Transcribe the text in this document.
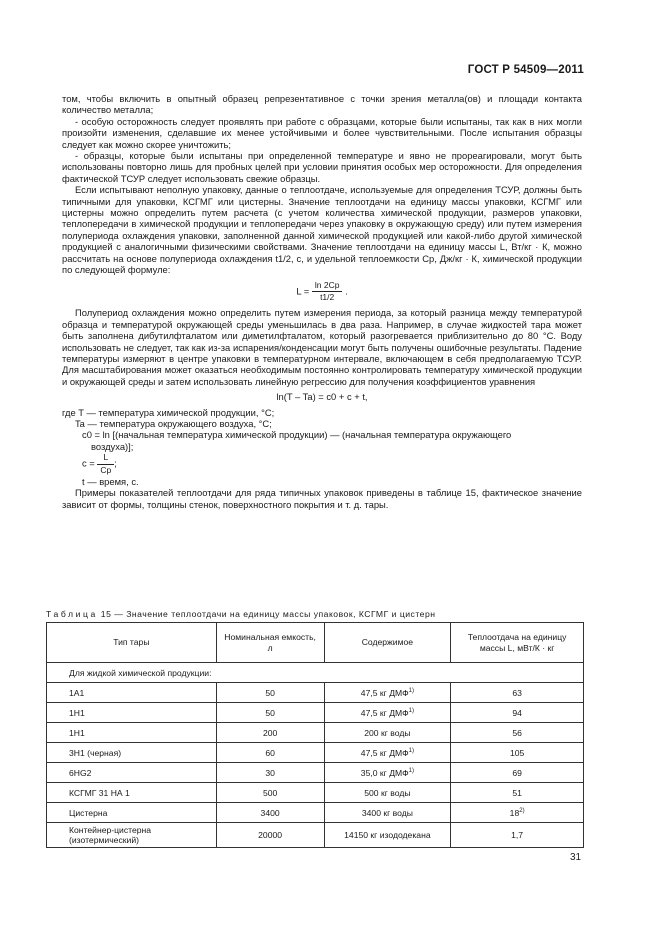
ГОСТ Р 54509—2011

том, чтобы включить в опытный образец репрезентативное с точки зрения металла(ов) и площади контакта количество металла;

- особую осторожность следует проявлять при работе с образцами, которые были испытаны, так как в них могли произойти изменения, сделавшие их менее устойчивыми и более чувствительными. После испытания образцы следует как можно скорее уничтожить;

- образцы, которые были испытаны при определенной температуре и явно не прореагировали, могут быть использованы повторно лишь для пробных целей при условии принятия особых мер осторожности. Для определения фактической ТСУР следует использовать свежие образцы.

Если испытывают неполную упаковку, данные о теплоотдаче, используемые для определения ТСУР, должны быть типичными для упаковки, КСГМГ или цистерны. Значение теплоотдачи на единицу массы упаковки, КСГМГ или цистерны можно определить путем расчета (с учетом количества химической продукции, размеров упаковки, теплопередачи в химической продукции и теплопередачи через упаковку в окружающую среду) или путем измерения полупериода охлаждения упаковки, заполненной данной химической продукцией или какой-либо другой химической продукцией с аналогичными физическими свойствами. Значение теплоотдачи на единицу массы L, Вт/кг · К, можно рассчитать на основе полупериода охлаждения t1/2, с, и удельной теплоемкости Cp, Дж/кг · К, химической продукции по следующей формуле:

$L = \frac{\ln 2Cp}{t1/2}$ .

Полупериод охлаждения можно определить путем измерения периода, за который разница между температурой образца и температурой окружающей среды уменьшилась в два раза. Например, в случае жидкостей тара может быть заполнена дибутилфталатом или диметилфталатом, который разогревается приблизительно до 80 °С. Воду использовать не следует, так как из-за испарения/конденсации могут быть получены ошибочные результаты. Падение температуры измеряют в центре упаковки в температурном интервале, включающем в себя предполагаемую ТСУР. Для масштабирования может оказаться необходимым постоянно контролировать температуру химической продукции и окружающей среды и затем использовать линейную регрессию для получения коэффициентов уравнения

ln(T – Ta) = c0 + c + t,

где T — температура химической продукции, °С;

Ta — температура окружающего воздуха, °С;

c0 = ln [(начальная температура химической продукции) — (начальная температура окружающего

воздуха)];

$c = \frac{L}{Cp}$ ;

t — время, с.

Примеры показателей теплоотдачи для ряда типичных упаковок приведены в таблице 15, фактическое значение зависит от формы, толщины стенок, поверхностного покрытия и т. д. тары.

Таблица 15 — Значение теплоотдачи на единицу массы упаковок, КСГМГ и цистерн
Тип тары	Номинальная емкость, л	Содержимое	Теплоотдача на единицу массы L, мВт/К · кг
Для жидкой химической продукции:			
1А1	50	47,5 кг ДМФ$^{1)}$	63
1Н1	50	47,5 кг ДМФ$^{1)}$	94
1Н1	200	200 кг воды	56
3Н1 (черная)	60	47,5 кг ДМФ$^{1)}$	105
6HG2	30	35,0 кг ДМФ$^{1)}$	69
КСГМГ 31 НА 1	500	500 кг воды	51
Цистерна	3400	3400 кг воды	18$^{2)}$
Контейнер-цистерна (изотермический)	20000	14150 кг изододекана	1,7
31
